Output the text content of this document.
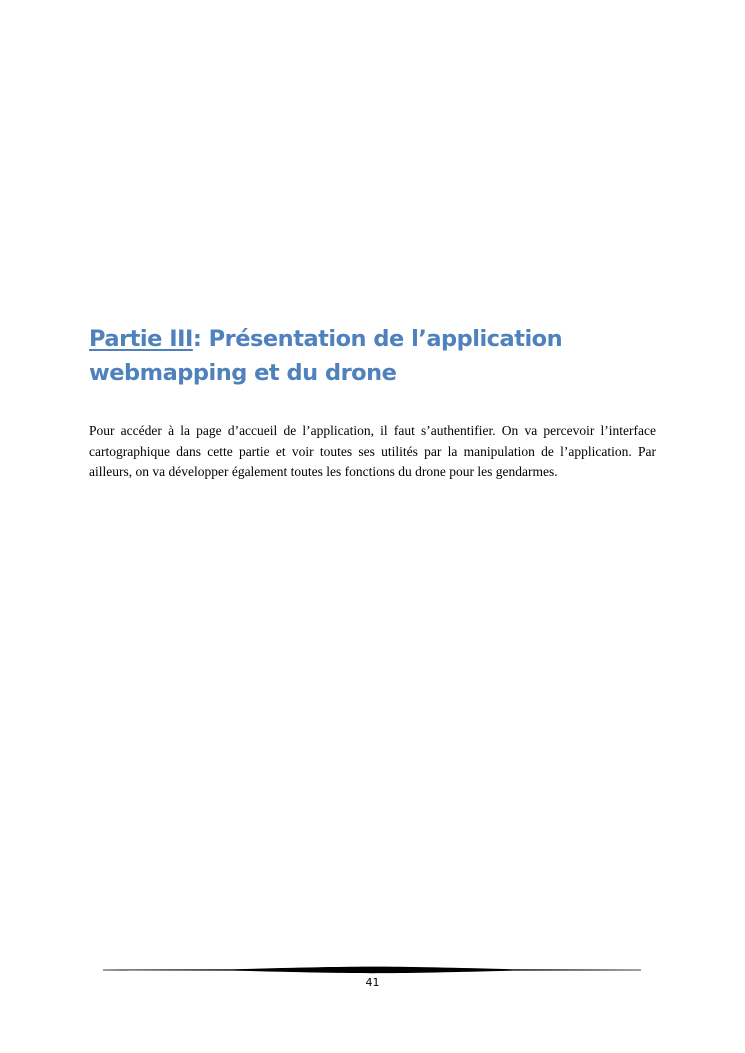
Partie III: Présentation de l’application webmapping et du drone

Pour accéder à la page d’accueil de l’application, il faut s’authentifier. On va percevoir l’interface cartographique dans cette partie et voir toutes ses utilités par la manipulation de l’application. Par ailleurs, on va développer également toutes les fonctions du drone pour les gendarmes.

41
